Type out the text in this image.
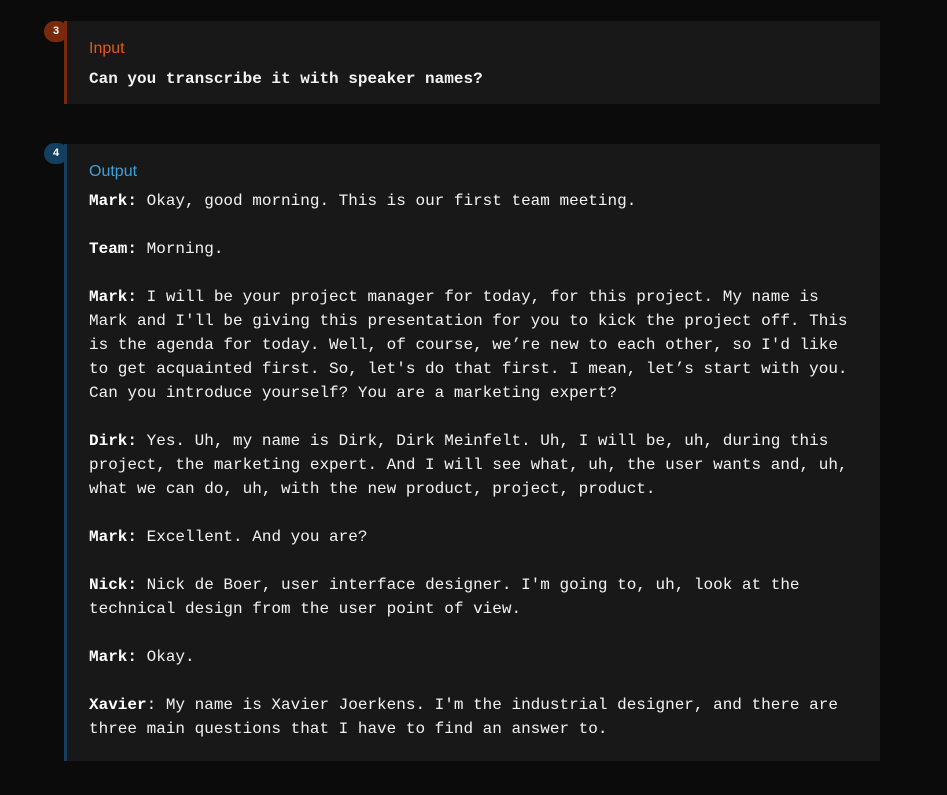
3
Input

Can you transcribe it with speaker names?

4
Output
Mark: Okay, good morning. This is our first team meeting.
Team: Morning.
Mark: I will be your project manager for today, for this project. My name is
Mark and I'll be giving this presentation for you to kick the project off. This
is the agenda for today. Well, of course, we’re new to each other, so I'd like
to get acquainted first. So, let's do that first. I mean, let’s start with you.
Can you introduce yourself? You are a marketing expert?
Dirk: Yes. Uh, my name is Dirk, Dirk Meinfelt. Uh, I will be, uh, during this
project, the marketing expert. And I will see what, uh, the user wants and, uh,
what we can do, uh, with the new product, project, product.
Mark: Excellent. And you are?
Nick: Nick de Boer, user interface designer. I'm going to, uh, look at the
technical design from the user point of view.
Mark: Okay.
Xavier: My name is Xavier Joerkens. I'm the industrial designer, and there are
three main questions that I have to find an answer to.
